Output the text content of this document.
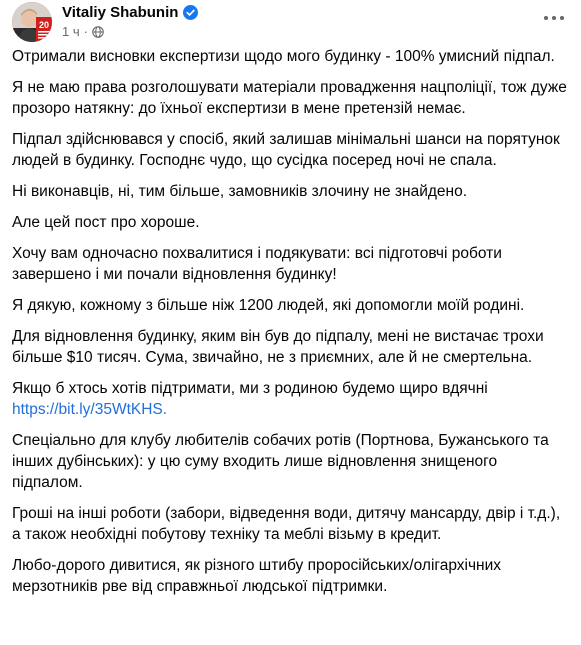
20
Vitaliy Shabunin
1 ч ·

Отримали висновки експертизи щодо мого будинку - 100% умисний підпал.

Я не маю права розголошувати матеріали провадження нацполіції, тож дуже прозоро натякну: до їхньої експертизи в мене претензій немає.

Підпал здійснювався у спосіб, який залишав мінімальні шанси на порятунок людей в будинку. Господнє чудо, що сусідка посеред ночі не спала.

Ні виконавців, ні, тим більше, замовників злочину не знайдено.

Але цей пост про хороше.

Хочу вам одночасно похвалитися і подякувати: всі підготовчі роботи завершено і ми почали відновлення будинку!

Я дякую, кожному з більше ніж 1200 людей, які допомогли моїй родині.

Для відновлення будинку, яким він був до підпалу, мені не вистачає трохи більше $10 тисяч. Сума, звичайно, не з приємних, але й не смертельна.

Якщо б хтось хотів підтримати, ми з родиною будемо щиро вдячні
https://bit.ly/35WtKHS.

Спеціально для клубу любителів собачих ротів (Портнова, Бужанського та інших дубінських): у цю суму входить лише відновлення знищеного підпалом.

Гроші на інші роботи (забори, відведення води, дитячу мансарду, двір і т.д.), а також необхідні побутову техніку та меблі візьму в кредит.

Любо-дорого дивитися, як різного штибу проросійських/олігархічних мерзотників рве від справжньої людської підтримки.
